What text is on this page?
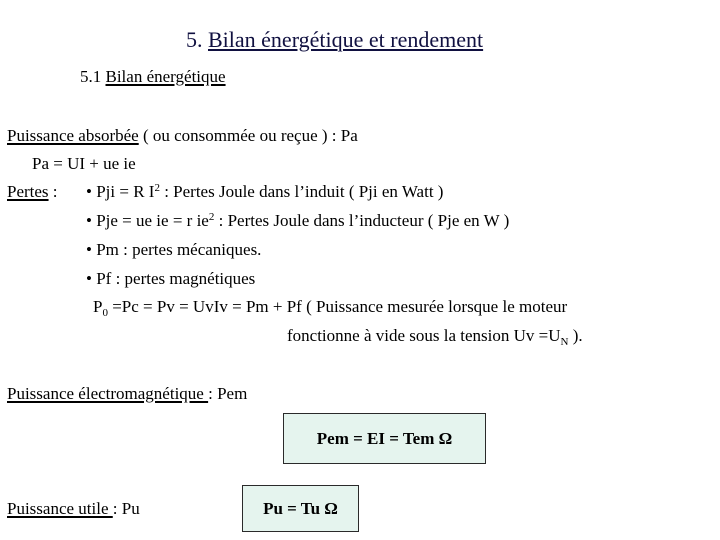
5. Bilan énergétique et rendement
5.1 Bilan énergétique
Puissance absorbée ( ou consommée ou reçue ) : Pa
Pa = UI + ue ie
Pertes : • Pji = R $I^2$ : Pertes Joule dans l’induit ( Pji en Watt )
• Pje = ue ie = r $ie^2$ : Pertes Joule dans l’inducteur ( Pje en W )
• Pm : pertes mécaniques.
• Pf : pertes magnétiques
$P_0 =Pc = Pv$ = UvIv = Pm + Pf ( Puissance mesurée lorsque le moteur
fonctionne à vide sous la tension $Uv =U_N$ ).
Puissance électromagnétique : Pem
Pem = EI = Tem Ω
Puissance utile : Pu	Pu = Tu Ω
